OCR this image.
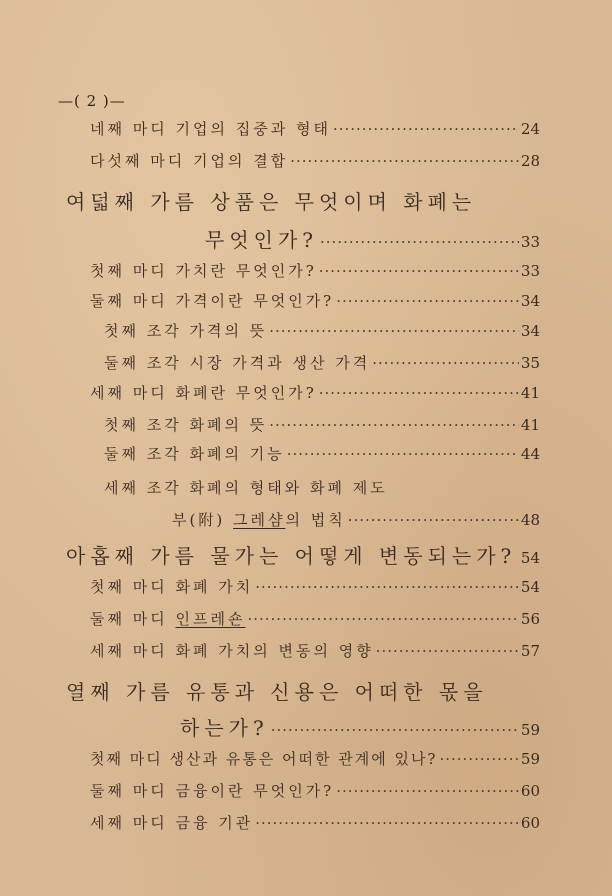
—( 2 )—
네째 마디 기업의 집중과 형태 ·····	24
다섯째 마디 기업의 결합 ·····	28
여덟째 가름 상품은 무엇이며 화폐는
무엇인가? ·····	33
첫째 마디 가치란 무엇인가? ·····	33
둘째 마디 가격이란 무엇인가? ·····	34
첫째 조각 가격의 뜻 ·····	34
둘째 조각 시장 가격과 생산 가격 ·····	35
세째 마디 화폐란 무엇인가? ·····	41
첫째 조각 화폐의 뜻 ·····	41
둘째 조각 화폐의 기능 ·····	44
세째 조각 화폐의 형태와 화폐 제도
부(附) 그레샴의 법칙 ·····	48
아홉째 가름 물가는 어떻게 변동되는가? ····· 54
첫째 마디 화폐 가치 ·····	54
둘째 마디 인프레숀 ·····	56
세째 마디 화폐 가치의 변동의 영향 ·····	57
열째 가름 유통과 신용은 어떠한 몫을
하는가? ·····	59
첫째 마디 생산과 유통은 어떠한 관계에 있나? ·····	59
둘째 마디 금융이란 무엇인가? ·····	60
세째 마디 금융 기관 ·····	60
